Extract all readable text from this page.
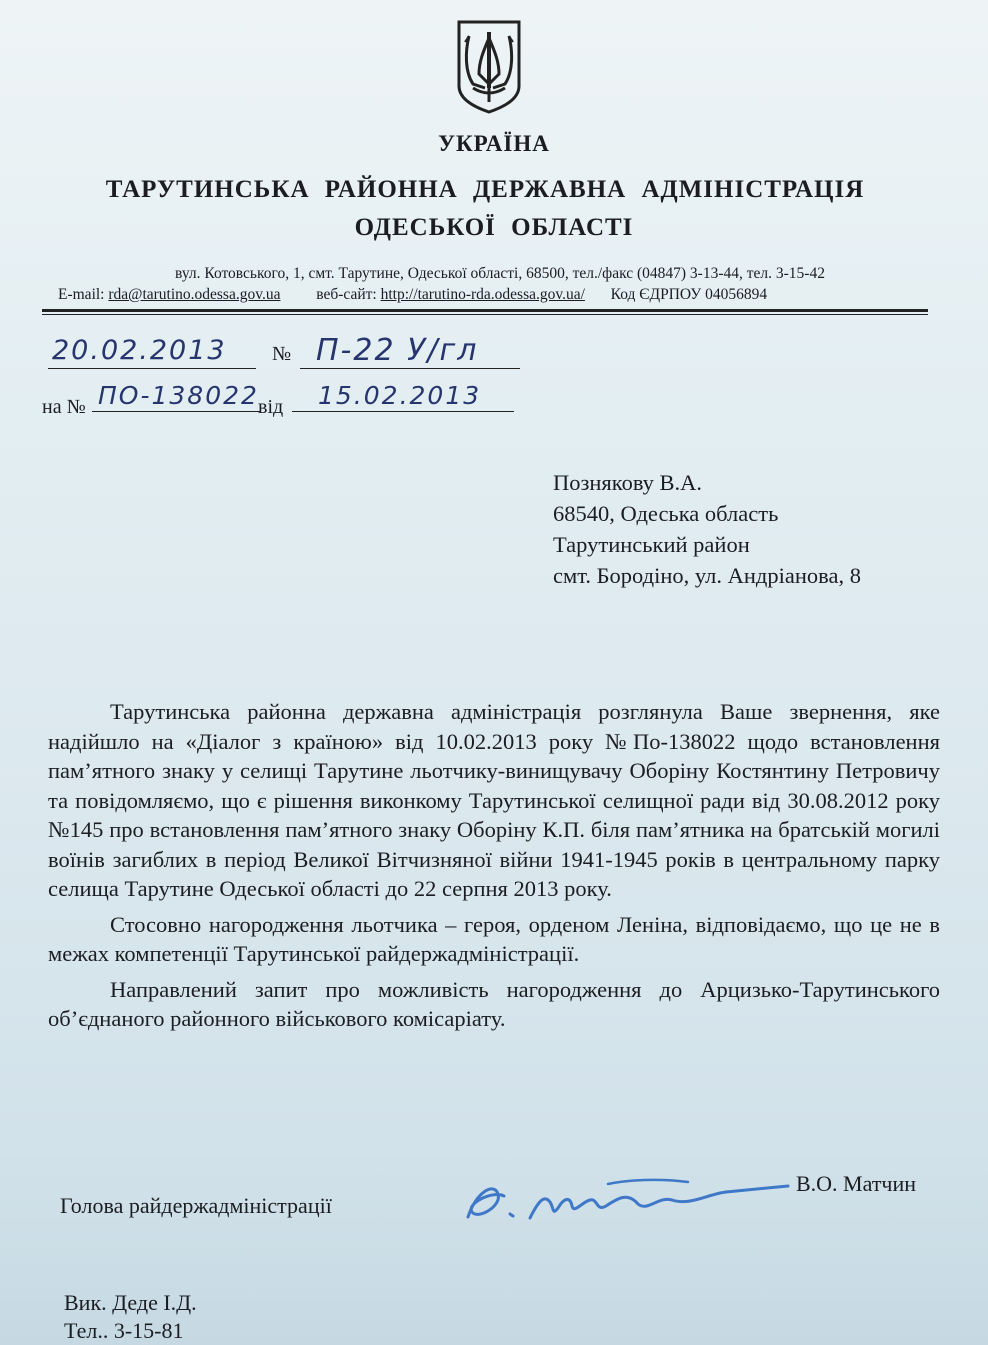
УКРАЇНА
ТАРУТИНСЬКА РАЙОННА ДЕРЖАВНА АДМІНІСТРАЦІЯ
ОДЕСЬКОЇ ОБЛАСТІ
вул. Котовського, 1, смт. Тарутине, Одеської області, 68500, тел./факс (04847) 3-13-44, тел. 3-15-42
E-mail: rda@tarutino.odessa.gov.ua веб-сайт: http://tarutino-rda.odessa.gov.ua/ Код ЄДРПОУ 04056894
20.02.2013 № П-22 У/гл
на № ПО-138022 від 15.02.2013
Познякову В.А.
68540, Одеська область
Тарутинський район
смт. Бородіно, ул. Андріанова, 8

Тарутинська районна державна адміністрація розглянула Ваше звернення, яке надійшло на «Діалог з країною» від 10.02.2013 року №По-138022 щодо встановлення пам’ятного знаку у селищі Тарутине льотчику-винищувачу Оборіну Костянтину Петровичу та повідомляємо, що є рішення виконкому Тарутинської селищної ради від 30.08.2012 року №145 про встановлення пам’ятного знаку Оборіну К.П. біля пам’ятника на братській могилі воїнів загиблих в період Великої Вітчизняної війни 1941-1945 років в центральному парку селища Тарутине Одеської області до 22 серпня 2013 року.

Стосовно нагородження льотчика – героя, орденом Леніна, відповідаємо, що це не в межах компетенції Тарутинської райдержадміністрації.

Направлений запит про можливість нагородження до Арцизько-Тарутинського об’єднаного районного військового комісаріату.

Голова райдержадміністрації
В.О. Матчин
Вик. Деде І.Д.
Тел.. 3-15-81
